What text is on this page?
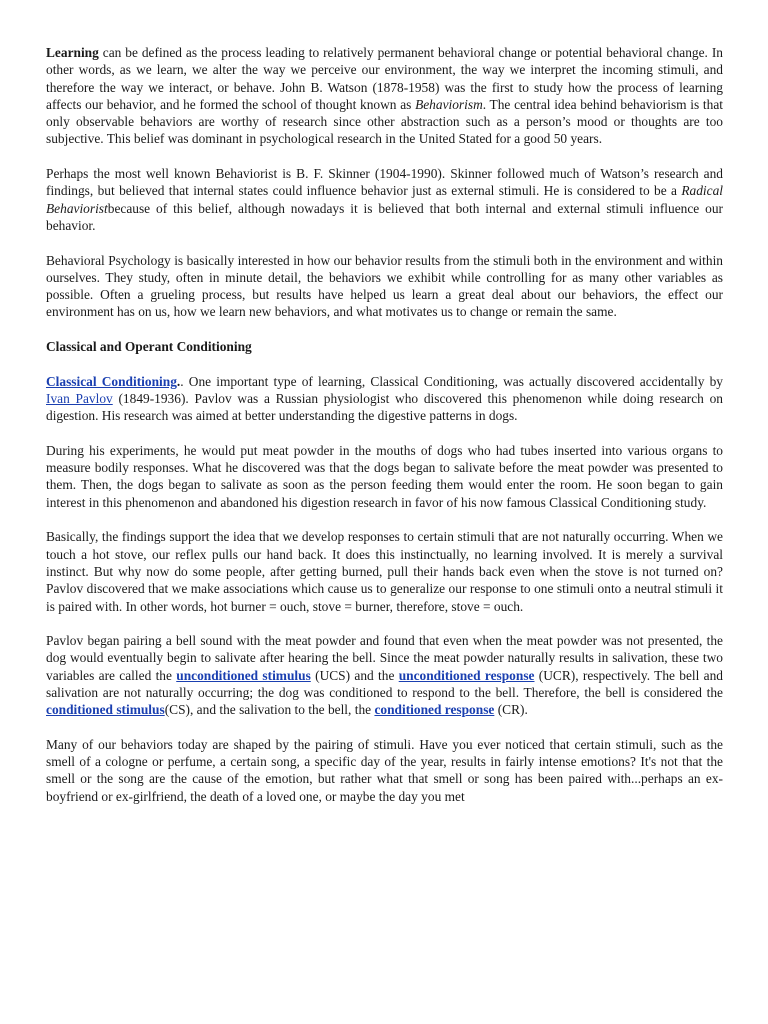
Learning can be defined as the process leading to relatively permanent behavioral change or potential behavioral change. In other words, as we learn, we alter the way we perceive our environment, the way we interpret the incoming stimuli, and therefore the way we interact, or behave. John B. Watson (1878-1958) was the first to study how the process of learning affects our behavior, and he formed the school of thought known as Behaviorism. The central idea behind behaviorism is that only observable behaviors are worthy of research since other abstraction such as a person’s mood or thoughts are too subjective. This belief was dominant in psychological research in the United Stated for a good 50 years.

Perhaps the most well known Behaviorist is B. F. Skinner (1904-1990). Skinner followed much of Watson’s research and findings, but believed that internal states could influence behavior just as external stimuli. He is considered to be a Radical Behavioristbecause of this belief, although nowadays it is believed that both internal and external stimuli influence our behavior.

Behavioral Psychology is basically interested in how our behavior results from the stimuli both in the environment and within ourselves. They study, often in minute detail, the behaviors we exhibit while controlling for as many other variables as possible. Often a grueling process, but results have helped us learn a great deal about our behaviors, the effect our environment has on us, how we learn new behaviors, and what motivates us to change or remain the same.

Classical and Operant Conditioning

Classical Conditioning.. One important type of learning, Classical Conditioning, was actually discovered accidentally by Ivan Pavlov (1849-1936). Pavlov was a Russian physiologist who discovered this phenomenon while doing research on digestion. His research was aimed at better understanding the digestive patterns in dogs.

During his experiments, he would put meat powder in the mouths of dogs who had tubes inserted into various organs to measure bodily responses. What he discovered was that the dogs began to salivate before the meat powder was presented to them. Then, the dogs began to salivate as soon as the person feeding them would enter the room. He soon began to gain interest in this phenomenon and abandoned his digestion research in favor of his now famous Classical Conditioning study.

Basically, the findings support the idea that we develop responses to certain stimuli that are not naturally occurring. When we touch a hot stove, our reflex pulls our hand back. It does this instinctually, no learning involved. It is merely a survival instinct. But why now do some people, after getting burned, pull their hands back even when the stove is not turned on? Pavlov discovered that we make associations which cause us to generalize our response to one stimuli onto a neutral stimuli it is paired with. In other words, hot burner = ouch, stove = burner, therefore, stove = ouch.

Pavlov began pairing a bell sound with the meat powder and found that even when the meat powder was not presented, the dog would eventually begin to salivate after hearing the bell. Since the meat powder naturally results in salivation, these two variables are called the unconditioned stimulus (UCS) and the unconditioned response (UCR), respectively. The bell and salivation are not naturally occurring; the dog was conditioned to respond to the bell. Therefore, the bell is considered the conditioned stimulus(CS), and the salivation to the bell, the conditioned response (CR).

Many of our behaviors today are shaped by the pairing of stimuli. Have you ever noticed that certain stimuli, such as the smell of a cologne or perfume, a certain song, a specific day of the year, results in fairly intense emotions? It's not that the smell or the song are the cause of the emotion, but rather what that smell or song has been paired with...perhaps an ex-boyfriend or ex-girlfriend, the death of a loved one, or maybe the day you met
